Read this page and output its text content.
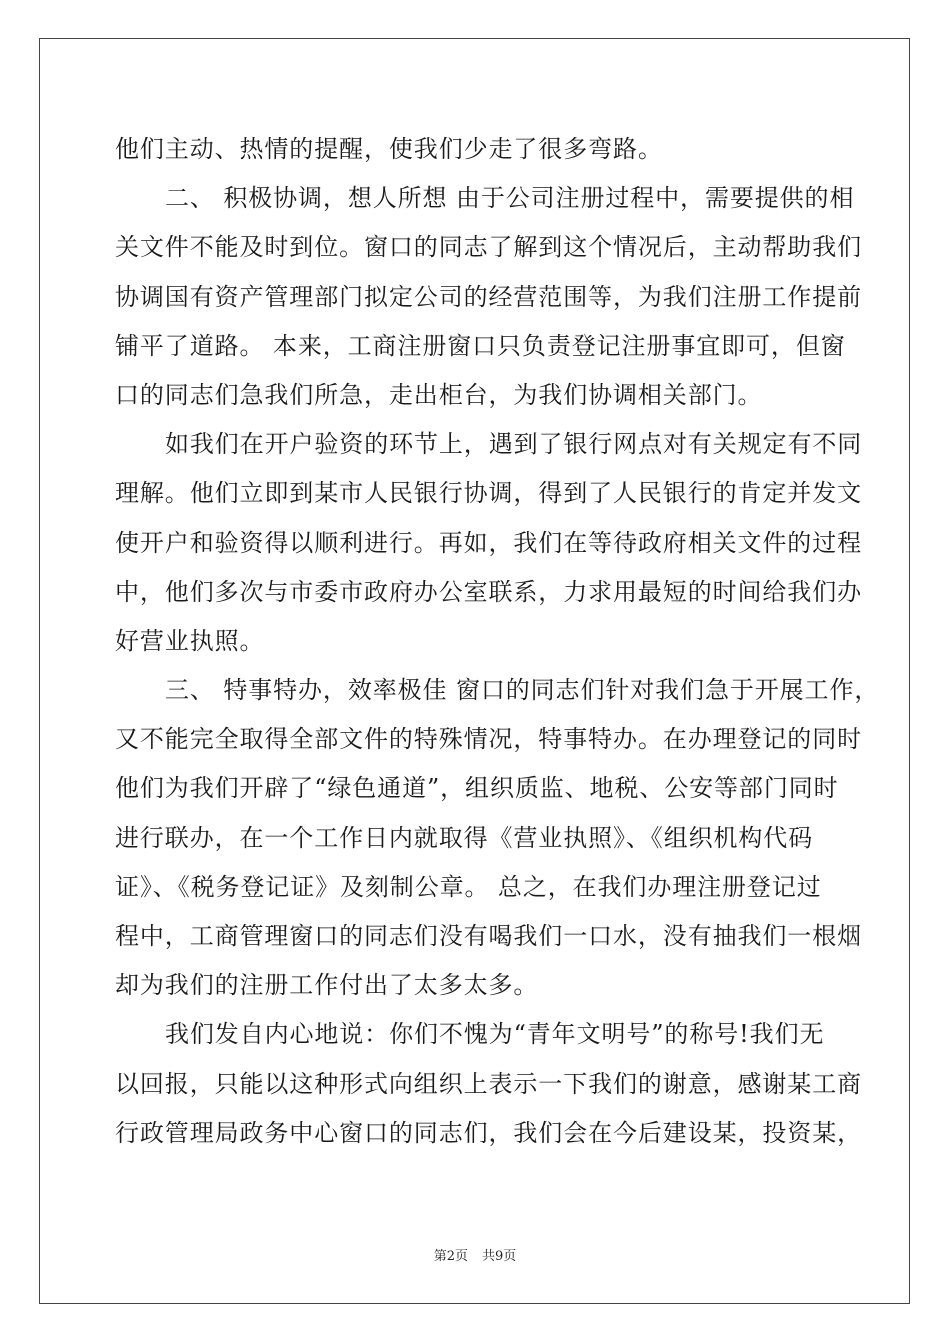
他们主动、热情的提醒，使我们少走了很多弯路。
二、 积极协调，想人所想 由于公司注册过程中，需要提供的相
关文件不能及时到位。窗口的同志了解到这个情况后，主动帮助我们
协调国有资产管理部门拟定公司的经营范围等，为我们注册工作提前
铺平了道路。 本来，工商注册窗口只负责登记注册事宜即可，但窗
口的同志们急我们所急，走出柜台，为我们协调相关部门。
如我们在开户验资的环节上，遇到了银行网点对有关规定有不同
理解。他们立即到某市人民银行协调，得到了人民银行的肯定并发文
使开户和验资得以顺利进行。再如，我们在等待政府相关文件的过程
中，他们多次与市委市政府办公室联系，力求用最短的时间给我们办
好营业执照。
三、 特事特办，效率极佳 窗口的同志们针对我们急于开展工作，
又不能完全取得全部文件的特殊情况，特事特办。在办理登记的同时
他们为我们开辟了“绿色通道”，组织质监、地税、公安等部门同时
进行联办，在一个工作日内就取得《营业执照》、《组织机构代码
证》、《税务登记证》及刻制公章。 总之，在我们办理注册登记过
程中，工商管理窗口的同志们没有喝我们一口水，没有抽我们一根烟
却为我们的注册工作付出了太多太多。
我们发自内心地说：你们不愧为“青年文明号”的称号!我们无
以回报，只能以这种形式向组织上表示一下我们的谢意，感谢某工商
行政管理局政务中心窗口的同志们，我们会在今后建设某，投资某，
第2页 共9页
